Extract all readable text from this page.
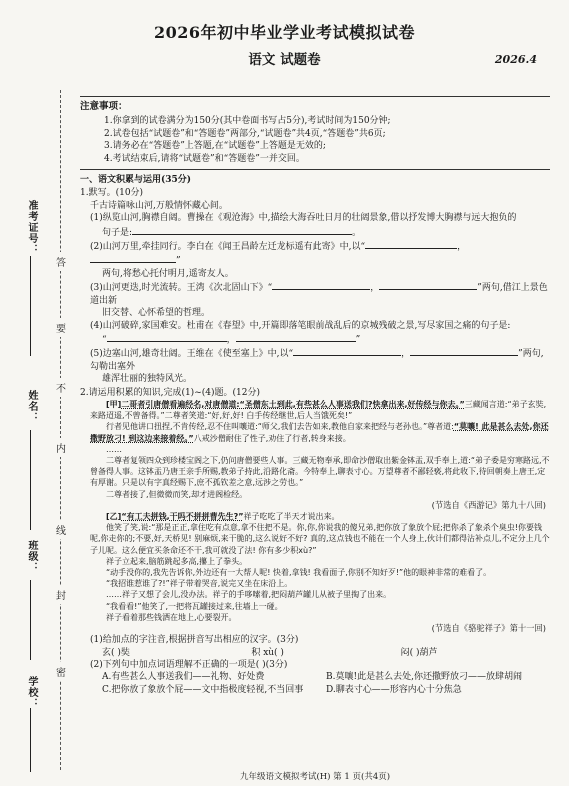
准考证号：
姓名：
班级：
学校：
答
要
不
内
线
封
密
2026年初中毕业学业考试模拟试卷
语文 试题卷	2026.4
注意事项：
1.你拿到的试卷满分为150分(其中卷面书写占5分),考试时间为150分钟;
2.试卷包括“试题卷”和“答题卷”两部分,“试题卷”共4页,“答题卷”共6页;
3.请务必在“答题卷”上答题,在“试题卷”上答题是无效的;
4.考试结束后,请将“试题卷”和“答题卷”一并交回。
一、语文积累与运用(35分)
1.默写。(10分)
千古诗篇咏山河,万般情怀藏心间。
(1)纵览山河,胸襟自阔。曹操在《观沧海》中,描绘大海吞吐日月的壮阔景象,借以抒发博大胸襟与远大抱负的
句子是:	。
(2)山河万里,牵挂同行。李白在《闻王昌龄左迁龙标遥有此寄》中,以“	，”
两句,将愁心托付明月,遥寄友人。
(3)山河更迭,时光流转。王湾《次北固山下》“	，	”两句,借江上景色道出新
旧交替、心怀希望的哲理。
(4)山河破碎,家国难安。杜甫在《春望》中,开篇即落笔眼前战乱后的京城残破之景,写尽家国之痛的句子是:
“	，	”
(5)边塞山河,雄奇壮阔。王维在《使至塞上》中,以“	，	”两句,勾勒出塞外
雄浑壮丽的独特风光。
2.请运用积累的知识,完成(1)~(4)题。(12分)

[甲]二哥者引唐僧看遍经名,对唐僧道:“圣僧东土到此,有些甚么人事送我们?快拿出来,好传经与你去。”三藏闻言道:“弟子玄奘,来路迢遥,不曾备得。”二尊者笑道:“好,好,好! 白手传经继世,后人当饿死矣!”

行者见他讲口扭捏,不肯传经,忍不住叫嚷道:“师父,我们去告如来,教他自家来把经与老孙也。”尊者道:“莫嚷! 此是甚么去处,你还撒野放刁! 到这边来接着经。”八戒沙僧耐住了性子,劝住了行者,转身来接。

……

二尊者复领四众到珍楼宝阁之下,仍问唐僧要些人事。三藏无物奉承,即命沙僧取出紫金钵盂,双手奉上,道:“弟子委是穷寒路远,不曾备得人事。这钵盂乃唐王亲手所赐,教弟子持此,沿路化斋。今特奉上,聊表寸心。万望尊者不鄙轻亵,将此收下,待回朝奏上唐王,定有厚谢。只是以有字真经赐下,庶不孤钦差之意,远涉之劳也。”

二尊者接了,但微微而笑,却才进阁检经。

(节选自《西游记》第九十八回)

[乙]“有工夫拼钱,干吗不拼拼曹先生?”祥子吃吃了半天才说出来。

他笑了笑,说:“那是正正,拿住吃有点意,拿不住把不是。你,你,你说我的傻兄弟,把你放了象放个屁;把你杀了象杀个臭虫!你要钱呢,你走你的;不要,好,天桥见! 别麻烦,来干脆的,这么说好不好? 真的,这点钱也不能在一个人身上,伙计们都得沾补点儿,不定分上几个子儿呢。这么便宜买条命还不干,我可就没了法! 你有多少积xù?”

祥子立起来,脑筋跳起多高,攥上了拳头。

“动手没你的,我先告诉你,外边还有一大帮人呢! 快着,拿钱! 我看面子,你别不知好歹!”他的眼神非常的难看了。

“我招谁惹谁了?!”祥子带着哭音,说完又坐在床沿上。

……祥子又想了会儿,没办法。祥子的手哆嗦着,把闷葫芦罐儿从被子里掏了出来。

“我看看!”他笑了,一把将瓦罐接过来,往墙上一碰。

祥子看着那些钱洒在地上,心要裂开。

(节选自《骆驼祥子》第十一回)
(1)给加点的字注音,根据拼音写出相应的汉字。(3分)
玄( )奘	积 xù( )	闷( )葫芦
(2)下列句中加点词语理解不正确的一项是( )(3分)
A.有些甚么人事送我们——礼物、好处费	B.莫嚷!此是甚么去处,你还撒野放刁——放肆胡闹
C.把你放了象放个屁——文中指极度轻视,不当回事	D.聊表寸心——形容内心十分焦急
九年级语文模拟考试(H) 第 1 页(共4页)
